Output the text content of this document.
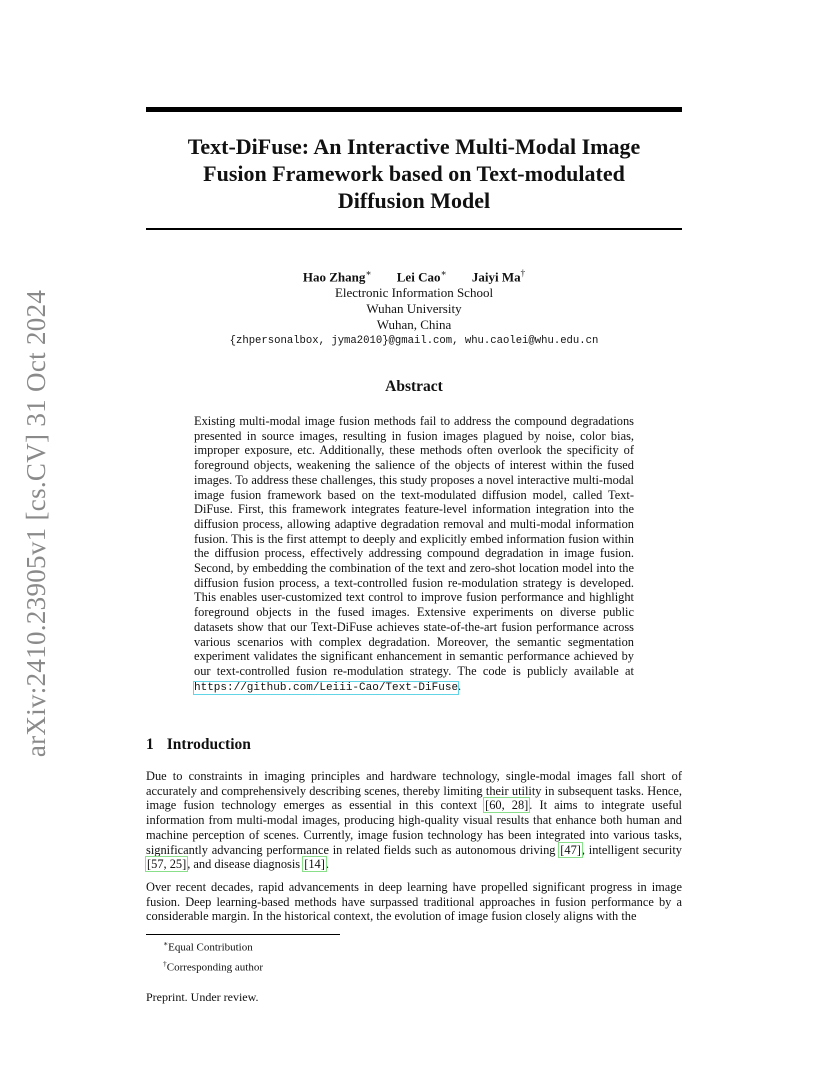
arXiv:2410.23905v1 [cs.CV] 31 Oct 2024
Text-DiFuse: An Interactive Multi-Modal Image
Fusion Framework based on Text-modulated
Diffusion Model
Hao Zhang∗ Lei Cao∗ Jaiyi Ma†
Electronic Information School
Wuhan University
Wuhan, China
{zhpersonalbox, jyma2010}@gmail.com, whu.caolei@whu.edu.cn
Abstract
Existing multi-modal image fusion methods fail to address the compound degradations presented in source images, resulting in fusion images plagued by noise, color bias, improper exposure, etc. Additionally, these methods often overlook the specificity of foreground objects, weakening the salience of the objects of interest within the fused images. To address these challenges, this study proposes a novel interactive multi-modal image fusion framework based on the text-modulated diffusion model, called Text-DiFuse. First, this framework integrates feature-level information integration into the diffusion process, allowing adaptive degradation removal and multi-modal information fusion. This is the first attempt to deeply and explicitly embed information fusion within the diffusion process, effectively addressing compound degradation in image fusion. Second, by embedding the combination of the text and zero-shot location model into the diffusion fusion process, a text-controlled fusion re-modulation strategy is developed. This enables user-customized text control to improve fusion performance and highlight foreground objects in the fused images. Extensive experiments on diverse public datasets show that our Text-DiFuse achieves state-of-the-art fusion performance across various scenarios with complex degradation. Moreover, the semantic segmentation experiment validates the significant enhancement in semantic performance achieved by our text-controlled fusion re-modulation strategy. The code is publicly available at https://github.com/Leiii-Cao/Text-DiFuse.
1 Introduction
Due to constraints in imaging principles and hardware technology, single-modal images fall short of accurately and comprehensively describing scenes, thereby limiting their utility in subsequent tasks. Hence, image fusion technology emerges as essential in this context [60, 28]. It aims to integrate useful information from multi-modal images, producing high-quality visual results that enhance both human and machine perception of scenes. Currently, image fusion technology has been integrated into various tasks, significantly advancing performance in related fields such as autonomous driving [47], intelligent security [57, 25], and disease diagnosis [14].
Over recent decades, rapid advancements in deep learning have propelled significant progress in image fusion. Deep learning-based methods have surpassed traditional approaches in fusion performance by a considerable margin. In the historical context, the evolution of image fusion closely aligns with the
∗Equal Contribution
†Corresponding author
Preprint. Under review.
